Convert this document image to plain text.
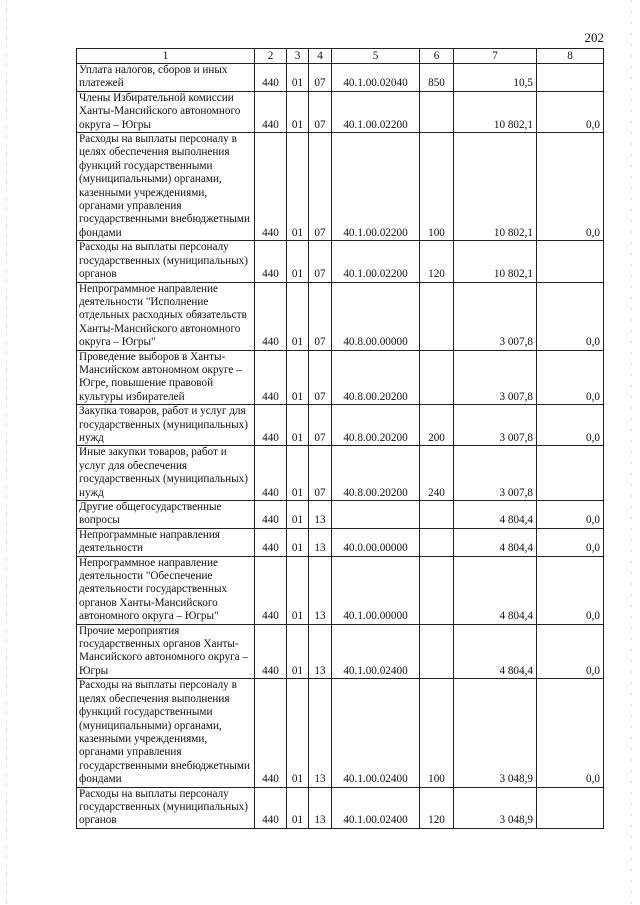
202
1	2	3	4	5	6	7	8
Уплата налогов, сборов и иных платежей	440	01	07	40.1.00.02040	850	10,5	
Члены Избирательной комиссии Ханты-Мансийского автономного округа – Югры	440	01	07	40.1.00.02200		10 802,1	0,0
Расходы на выплаты персоналу в целях обеспечения выполнения функций государственными (муниципальными) органами, казенными учреждениями, органами управления государственными внебюджетными фондами	440	01	07	40.1.00.02200	100	10 802,1	0,0
Расходы на выплаты персоналу государственных (муниципальных) органов	440	01	07	40.1.00.02200	120	10 802,1	
Непрограммное направление деятельности "Исполнение отдельных расходных обязательств Ханты-Мансийского автономного округа – Югры"	440	01	07	40.8.00.00000		3 007,8	0,0
Проведение выборов в Ханты-Мансийском автономном округе – Югре, повышение правовой культуры избирателей	440	01	07	40.8.00.20200		3 007,8	0,0
Закупка товаров, работ и услуг для государственных (муниципальных) нужд	440	01	07	40.8.00.20200	200	3 007,8	0,0
Иные закупки товаров, работ и услуг для обеспечения государственных (муниципальных) нужд	440	01	07	40.8.00.20200	240	3 007,8	
Другие общегосударственные вопросы	440	01	13			4 804,4	0,0
Непрограммные направления деятельности	440	01	13	40.0.00.00000		4 804,4	0,0
Непрограммное направление деятельности "Обеспечение деятельности государственных органов Ханты-Мансийского автономного округа – Югры"	440	01	13	40.1.00.00000		4 804,4	0,0
Прочие мероприятия государственных органов Ханты-Мансийского автономного округа – Югры	440	01	13	40.1.00.02400		4 804,4	0,0
Расходы на выплаты персоналу в целях обеспечения выполнения функций государственными (муниципальными) органами, казенными учреждениями, органами управления государственными внебюджетными фондами	440	01	13	40.1.00.02400	100	3 048,9	0,0
Расходы на выплаты персоналу государственных (муниципальных) органов	440	01	13	40.1.00.02400	120	3 048,9	
